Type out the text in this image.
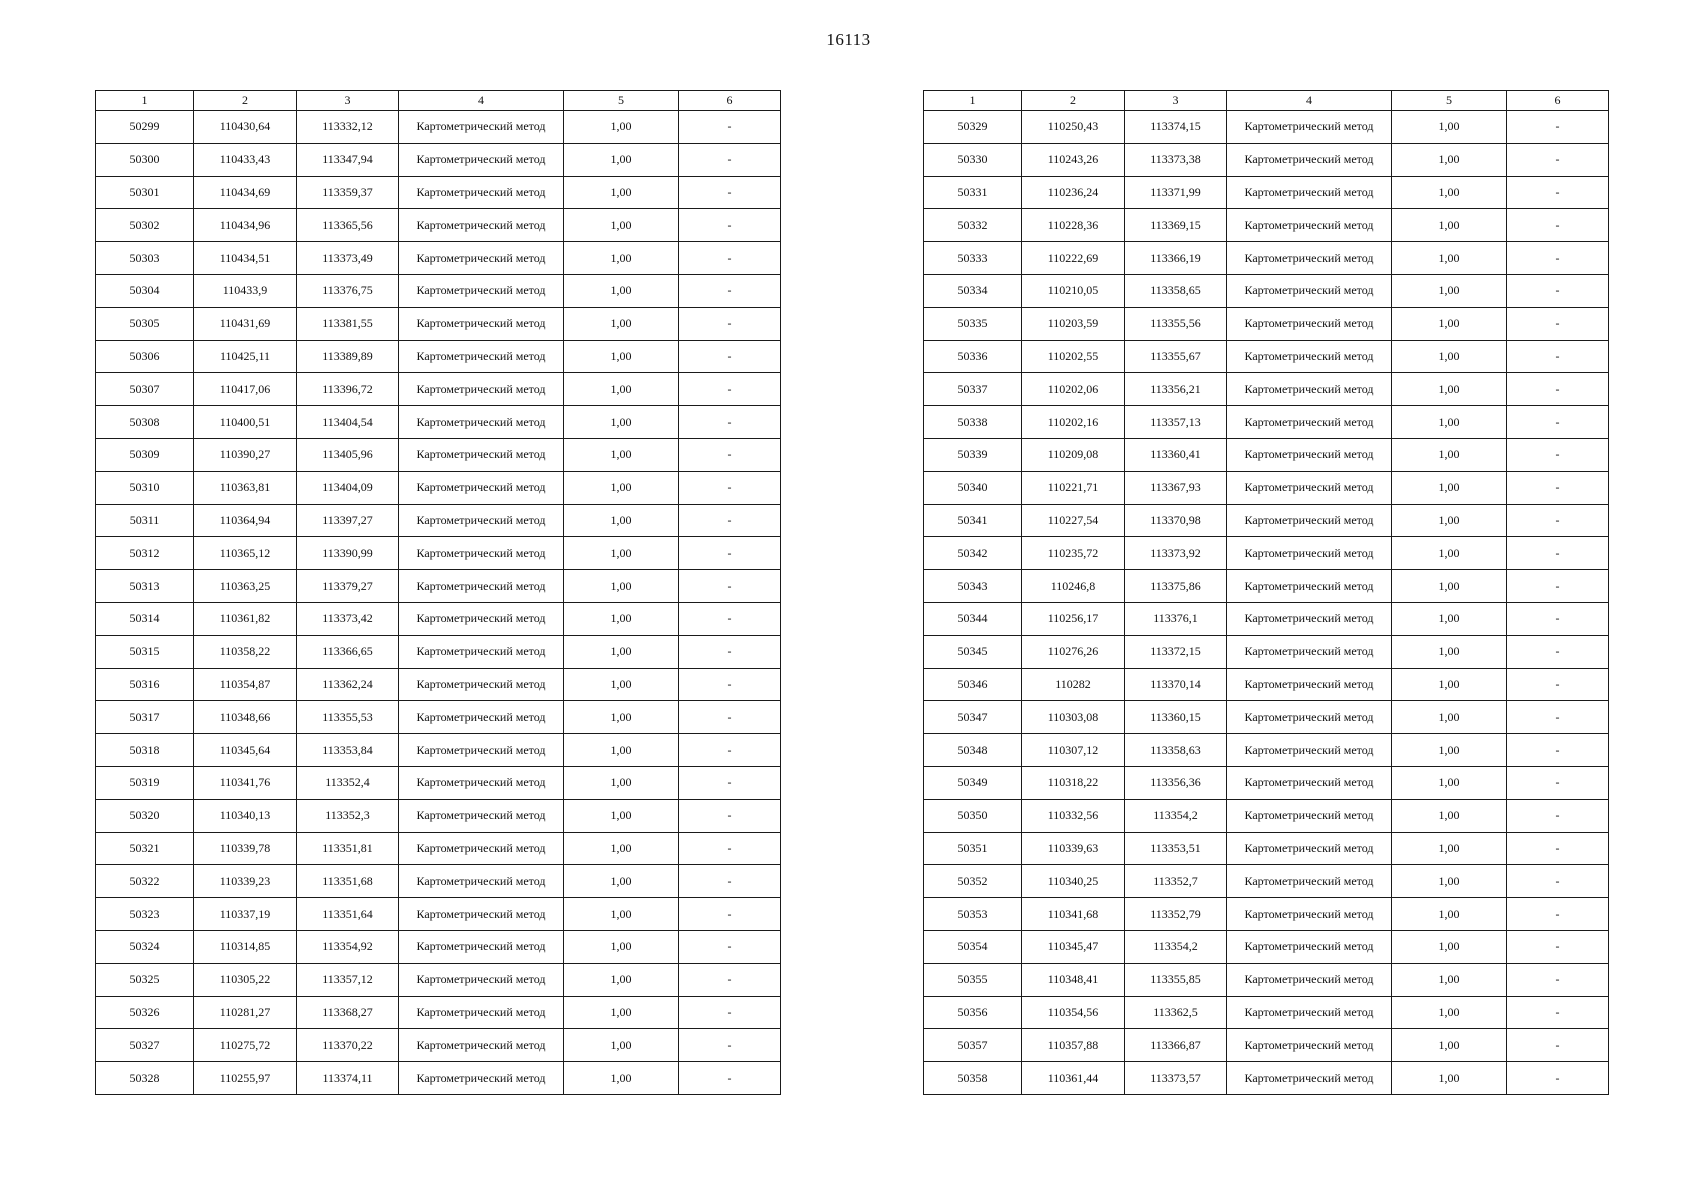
16113
1	2	3	4	5	6
50299	110430,64	113332,12	Картометрический метод	1,00	-
50300	110433,43	113347,94	Картометрический метод	1,00	-
50301	110434,69	113359,37	Картометрический метод	1,00	-
50302	110434,96	113365,56	Картометрический метод	1,00	-
50303	110434,51	113373,49	Картометрический метод	1,00	-
50304	110433,9	113376,75	Картометрический метод	1,00	-
50305	110431,69	113381,55	Картометрический метод	1,00	-
50306	110425,11	113389,89	Картометрический метод	1,00	-
50307	110417,06	113396,72	Картометрический метод	1,00	-
50308	110400,51	113404,54	Картометрический метод	1,00	-
50309	110390,27	113405,96	Картометрический метод	1,00	-
50310	110363,81	113404,09	Картометрический метод	1,00	-
50311	110364,94	113397,27	Картометрический метод	1,00	-
50312	110365,12	113390,99	Картометрический метод	1,00	-
50313	110363,25	113379,27	Картометрический метод	1,00	-
50314	110361,82	113373,42	Картометрический метод	1,00	-
50315	110358,22	113366,65	Картометрический метод	1,00	-
50316	110354,87	113362,24	Картометрический метод	1,00	-
50317	110348,66	113355,53	Картометрический метод	1,00	-
50318	110345,64	113353,84	Картометрический метод	1,00	-
50319	110341,76	113352,4	Картометрический метод	1,00	-
50320	110340,13	113352,3	Картометрический метод	1,00	-
50321	110339,78	113351,81	Картометрический метод	1,00	-
50322	110339,23	113351,68	Картометрический метод	1,00	-
50323	110337,19	113351,64	Картометрический метод	1,00	-
50324	110314,85	113354,92	Картометрический метод	1,00	-
50325	110305,22	113357,12	Картометрический метод	1,00	-
50326	110281,27	113368,27	Картометрический метод	1,00	-
50327	110275,72	113370,22	Картометрический метод	1,00	-
50328	110255,97	113374,11	Картометрический метод	1,00	-
1	2	3	4	5	6
50329	110250,43	113374,15	Картометрический метод	1,00	-
50330	110243,26	113373,38	Картометрический метод	1,00	-
50331	110236,24	113371,99	Картометрический метод	1,00	-
50332	110228,36	113369,15	Картометрический метод	1,00	-
50333	110222,69	113366,19	Картометрический метод	1,00	-
50334	110210,05	113358,65	Картометрический метод	1,00	-
50335	110203,59	113355,56	Картометрический метод	1,00	-
50336	110202,55	113355,67	Картометрический метод	1,00	-
50337	110202,06	113356,21	Картометрический метод	1,00	-
50338	110202,16	113357,13	Картометрический метод	1,00	-
50339	110209,08	113360,41	Картометрический метод	1,00	-
50340	110221,71	113367,93	Картометрический метод	1,00	-
50341	110227,54	113370,98	Картометрический метод	1,00	-
50342	110235,72	113373,92	Картометрический метод	1,00	-
50343	110246,8	113375,86	Картометрический метод	1,00	-
50344	110256,17	113376,1	Картометрический метод	1,00	-
50345	110276,26	113372,15	Картометрический метод	1,00	-
50346	110282	113370,14	Картометрический метод	1,00	-
50347	110303,08	113360,15	Картометрический метод	1,00	-
50348	110307,12	113358,63	Картометрический метод	1,00	-
50349	110318,22	113356,36	Картометрический метод	1,00	-
50350	110332,56	113354,2	Картометрический метод	1,00	-
50351	110339,63	113353,51	Картометрический метод	1,00	-
50352	110340,25	113352,7	Картометрический метод	1,00	-
50353	110341,68	113352,79	Картометрический метод	1,00	-
50354	110345,47	113354,2	Картометрический метод	1,00	-
50355	110348,41	113355,85	Картометрический метод	1,00	-
50356	110354,56	113362,5	Картометрический метод	1,00	-
50357	110357,88	113366,87	Картометрический метод	1,00	-
50358	110361,44	113373,57	Картометрический метод	1,00	-
